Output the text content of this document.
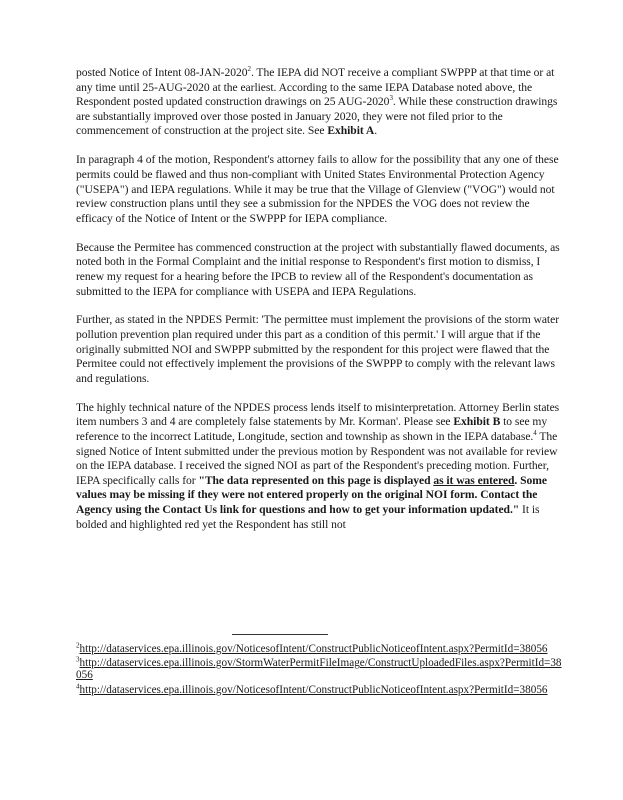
posted Notice of Intent 08-JAN-2020$^2$. The IEPA did NOT receive a compliant SWPPP at that time or at any time until 25-AUG-2020 at the earliest. According to the same IEPA Database noted above, the Respondent posted updated construction drawings on 25 AUG-2020$^3$. While these construction drawings are substantially improved over those posted in January 2020, they were not filed prior to the commencement of construction at the project site. See Exhibit A.

In paragraph 4 of the motion, Respondent's attorney fails to allow for the possibility that any one of these permits could be flawed and thus non-compliant with United States Environmental Protection Agency ("USEPA") and IEPA regulations. While it may be true that the Village of Glenview ("VOG") would not review construction plans until they see a submission for the NPDES the VOG does not review the efficacy of the Notice of Intent or the SWPPP for IEPA compliance.

Because the Permitee has commenced construction at the project with substantially flawed documents, as noted both in the Formal Complaint and the initial response to Respondent's first motion to dismiss, I renew my request for a hearing before the IPCB to review all of the Respondent's documentation as submitted to the IEPA for compliance with USEPA and IEPA Regulations.

Further, as stated in the NPDES Permit: 'The permittee must implement the provisions of the storm water pollution prevention plan required under this part as a condition of this permit.' I will argue that if the originally submitted NOI and SWPPP submitted by the respondent for this project were flawed that the Permitee could not effectively implement the provisions of the SWPPP to comply with the relevant laws and regulations.

The highly technical nature of the NPDES process lends itself to misinterpretation. Attorney Berlin states item numbers 3 and 4 are completely false statements by Mr. Korman'. Please see Exhibit B to see my reference to the incorrect Latitude, Longitude, section and township as shown in the IEPA database.$^4$ The signed Notice of Intent submitted under the previous motion by Respondent was not available for review on the IEPA database. I received the signed NOI as part of the Respondent's preceding motion. Further, IEPA specifically calls for "The data represented on this page is displayed as it was entered. Some values may be missing if they were not entered properly on the original NOI form. Contact the Agency using the Contact Us link for questions and how to get your information updated." It is bolded and highlighted red yet the Respondent has still not

$^2$http://dataservices.epa.illinois.gov/NoticesofIntent/ConstructPublicNoticeofIntent.aspx?PermitId=38056
$^3$http://dataservices.epa.illinois.gov/StormWaterPermitFileImage/ConstructUploadedFiles.aspx?PermitId=38056
$^4$http://dataservices.epa.illinois.gov/NoticesofIntent/ConstructPublicNoticeofIntent.aspx?PermitId=38056
